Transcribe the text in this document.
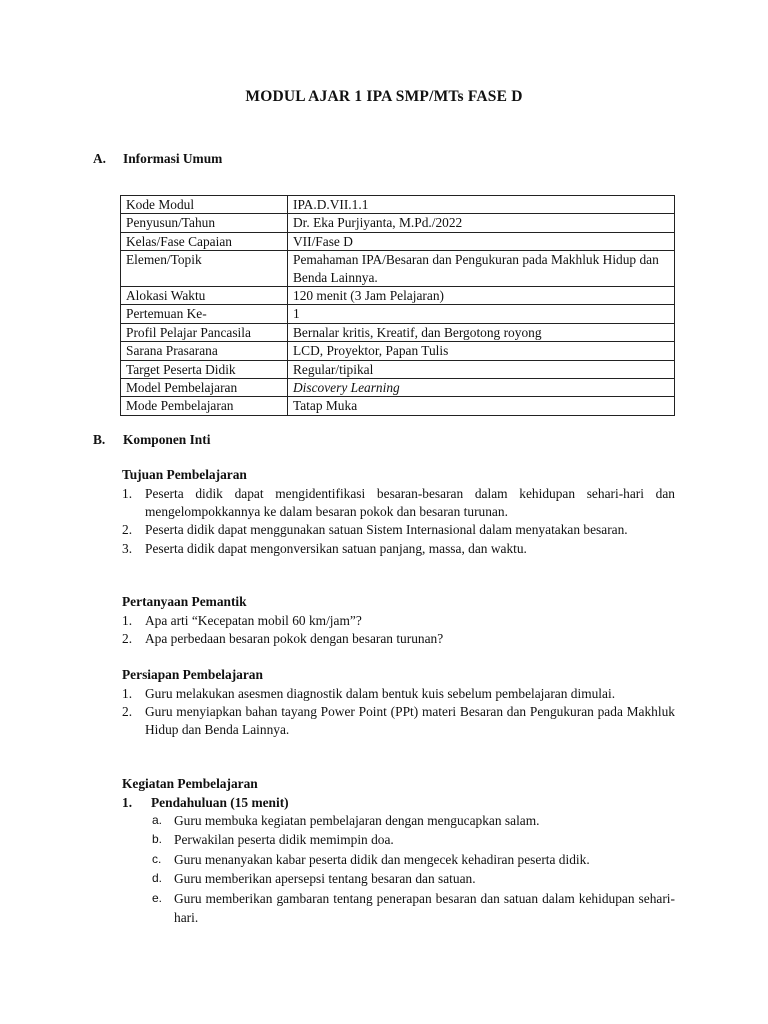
MODUL AJAR 1 IPA SMP/MTs FASE D
A. Informasi Umum
Kode Modul	IPA.D.VII.1.1
Penyusun/Tahun	Dr. Eka Purjiyanta, M.Pd./2022
Kelas/Fase Capaian	VII/Fase D
Elemen/Topik	Pemahaman IPA/Besaran dan Pengukuran pada Makhluk Hidup dan Benda Lainnya.
Alokasi Waktu	120 menit (3 Jam Pelajaran)
Pertemuan Ke-	1
Profil Pelajar Pancasila	Bernalar kritis, Kreatif, dan Bergotong royong
Sarana Prasarana	LCD, Proyektor, Papan Tulis
Target Peserta Didik	Regular/tipikal
Model Pembelajaran	Discovery Learning
Mode Pembelajaran	Tatap Muka
B. Komponen Inti
Tujuan Pembelajaran
1. Peserta didik dapat mengidentifikasi besaran-besaran dalam kehidupan sehari-hari dan mengelompokkannya ke dalam besaran pokok dan besaran turunan.
2. Peserta didik dapat menggunakan satuan Sistem Internasional dalam menyatakan besaran.
3. Peserta didik dapat mengonversikan satuan panjang, massa, dan waktu.
Pertanyaan Pemantik
1. Apa arti “Kecepatan mobil 60 km/jam”?
2. Apa perbedaan besaran pokok dengan besaran turunan?
Persiapan Pembelajaran
1. Guru melakukan asesmen diagnostik dalam bentuk kuis sebelum pembelajaran dimulai.
2. Guru menyiapkan bahan tayang Power Point (PPt) materi Besaran dan Pengukuran pada Makhluk Hidup dan Benda Lainnya.
Kegiatan Pembelajaran
1. Pendahuluan (15 menit)
a. Guru membuka kegiatan pembelajaran dengan mengucapkan salam.
b. Perwakilan peserta didik memimpin doa.
c. Guru menanyakan kabar peserta didik dan mengecek kehadiran peserta didik.
d. Guru memberikan apersepsi tentang besaran dan satuan.
e. Guru memberikan gambaran tentang penerapan besaran dan satuan dalam kehidupan sehari-hari.
